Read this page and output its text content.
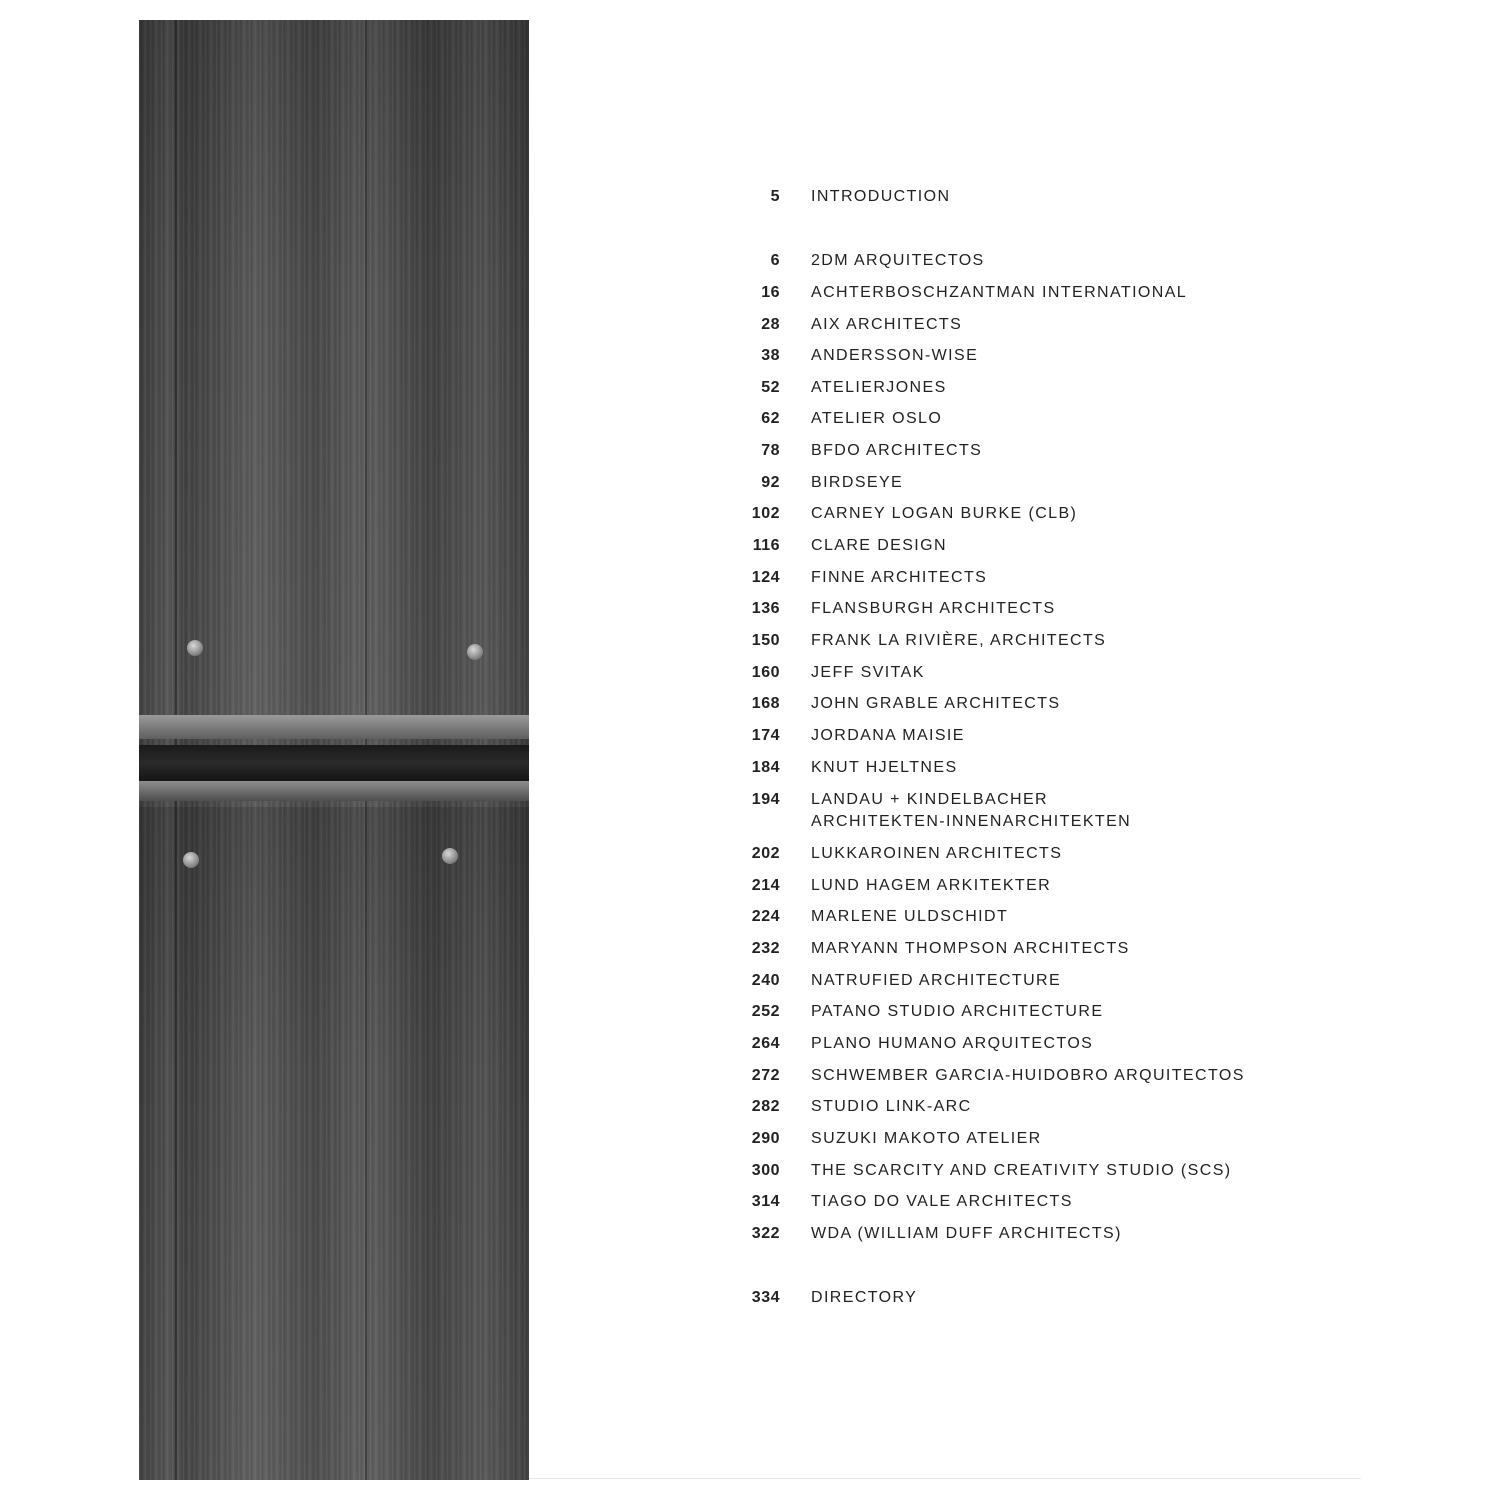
5 INTRODUCTION
6 2DM ARQUITECTOS
16 ACHTERBOSCHZANTMAN INTERNATIONAL
28 AIX ARCHITECTS
38 ANDERSSON-WISE
52 ATELIERJONES
62 ATELIER OSLO
78 BFDO ARCHITECTS
92 BIRDSEYE
102 CARNEY LOGAN BURKE (CLB)
116 CLARE DESIGN
124 FINNE ARCHITECTS
136 FLANSBURGH ARCHITECTS
150 FRANK LA RIVIÈRE, ARCHITECTS
160 JEFF SVITAK
168 JOHN GRABLE ARCHITECTS
174 JORDANA MAISIE
184 KNUT HJELTNES
194 LANDAU + KINDELBACHER
ARCHITEKTEN-INNENARCHITEKTEN
202 LUKKAROINEN ARCHITECTS
214 LUND HAGEM ARKITEKTER
224 MARLENE ULDSCHIDT
232 MARYANN THOMPSON ARCHITECTS
240 NATRUFIED ARCHITECTURE
252 PATANO STUDIO ARCHITECTURE
264 PLANO HUMANO ARQUITECTOS
272 SCHWEMBER GARCIA-HUIDOBRO ARQUITECTOS
282 STUDIO LINK-ARC
290 SUZUKI MAKOTO ATELIER
300 THE SCARCITY AND CREATIVITY STUDIO (SCS)
314 TIAGO DO VALE ARCHITECTS
322 WDA (WILLIAM DUFF ARCHITECTS)
334 DIRECTORY
